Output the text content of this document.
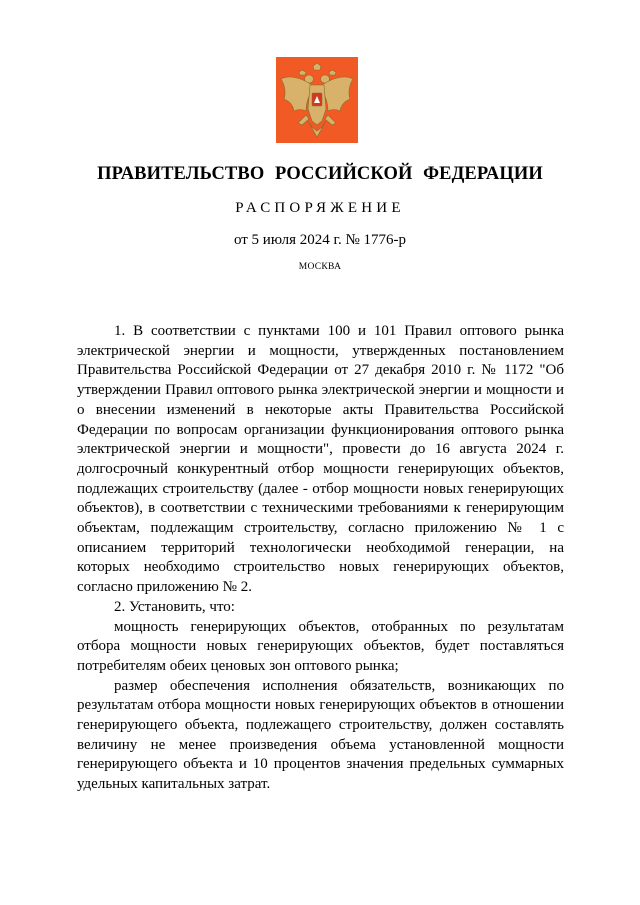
ПРАВИТЕЛЬСТВО РОССИЙСКОЙ ФЕДЕРАЦИИ
РАСПОРЯЖЕНИЕ
от 5 июля 2024 г. № 1776-р
МОСКВА

1. В соответствии с пунктами 100 и 101 Правил оптового рынка электрической энергии и мощности, утвержденных постановлением Правительства Российской Федерации от 27 декабря 2010 г. № 1172 "Об утверждении Правил оптового рынка электрической энергии и мощности и о внесении изменений в некоторые акты Правительства Российской Федерации по вопросам организации функционирования оптового рынка электрической энергии и мощности", провести до 16 августа 2024 г. долгосрочный конкурентный отбор мощности генерирующих объектов, подлежащих строительству (далее - отбор мощности новых генерирующих объектов), в соответствии с техническими требованиями к генерирующим объектам, подлежащим строительству, согласно приложению № 1 с описанием территорий технологически необходимой генерации, на которых необходимо строительство новых генерирующих объектов, согласно приложению № 2.

2. Установить, что:

мощность генерирующих объектов, отобранных по результатам отбора мощности новых генерирующих объектов, будет поставляться потребителям обеих ценовых зон оптового рынка;

размер обеспечения исполнения обязательств, возникающих по результатам отбора мощности новых генерирующих объектов в отношении генерирующего объекта, подлежащего строительству, должен составлять величину не менее произведения объема установленной мощности генерирующего объекта и 10 процентов значения предельных суммарных удельных капитальных затрат.
